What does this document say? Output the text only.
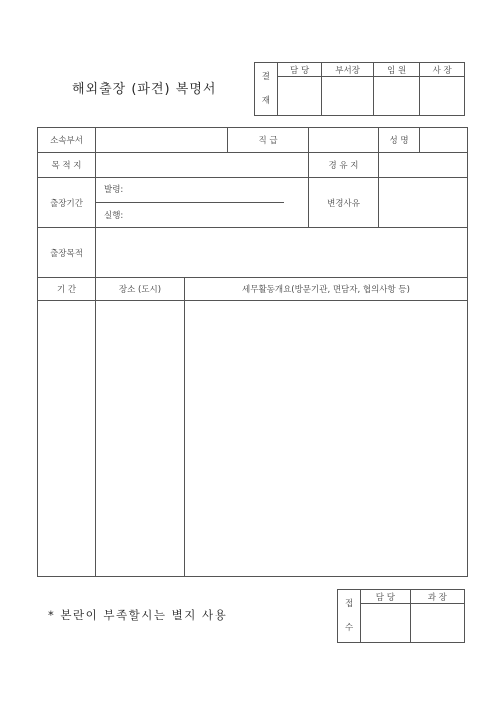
해외출장 (파견) 복명서
결
재	담 당	부서장	임 원	사 장

소속부서			직 급		성 명

목 적 지				경 유 지	
출장기간	발령:
실행:			변경사유	
출장목적					
기 간	장소 (도시)	세무활동개요(방문기관, 면담자, 협의사항 등)			

* 본란이 부족할시는 별지 사용
접
수	담 당	과 장
